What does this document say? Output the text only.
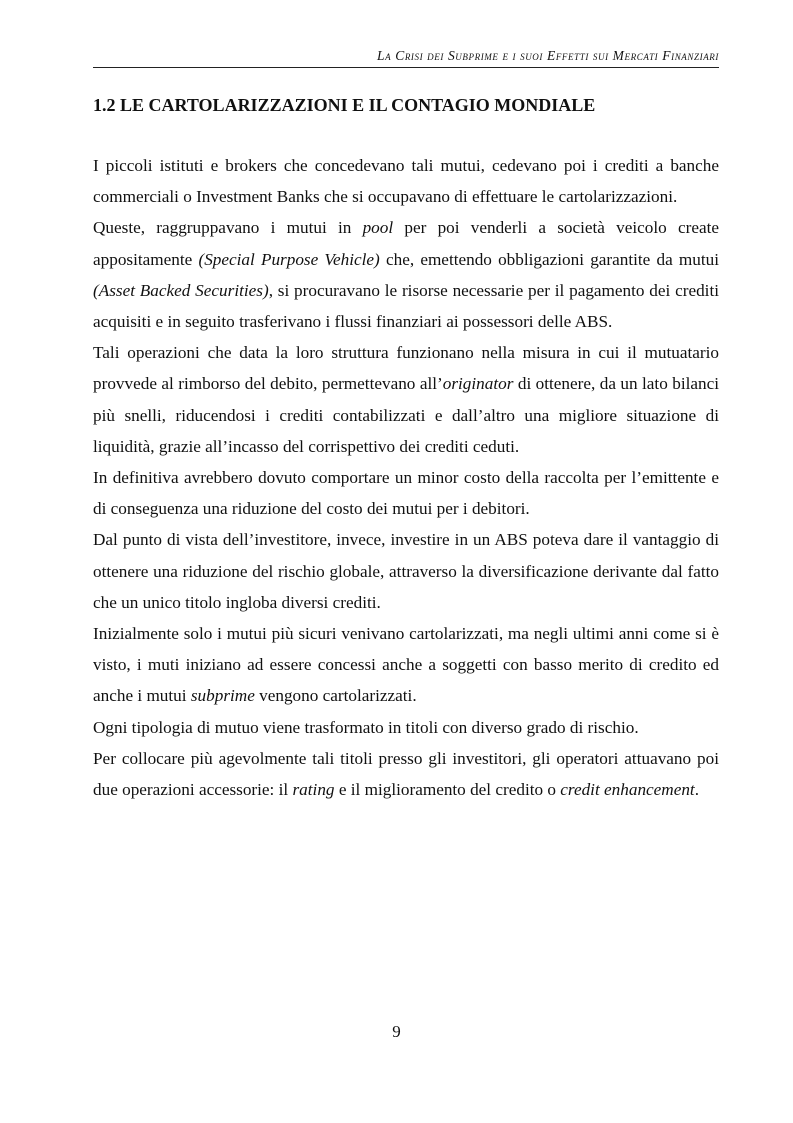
La Crisi dei Subprime e i suoi Effetti sui Mercati Finanziari
1.2 LE CARTOLARIZZAZIONI E IL CONTAGIO MONDIALE

I piccoli istituti e brokers che concedevano tali mutui, cedevano poi i crediti a banche commerciali o Investment Banks che si occupavano di effettuare le cartolarizzazioni.

Queste, raggruppavano i mutui in pool per poi venderli a società veicolo create appositamente (Special Purpose Vehicle) che, emettendo obbligazioni garantite da mutui (Asset Backed Securities), si procuravano le risorse necessarie per il pagamento dei crediti acquisiti e in seguito trasferivano i flussi finanziari ai possessori delle ABS.

Tali operazioni che data la loro struttura funzionano nella misura in cui il mutuatario provvede al rimborso del debito, permettevano all’originator di ottenere, da un lato bilanci più snelli, riducendosi i crediti contabilizzati e dall’altro una migliore situazione di liquidità, grazie all’incasso del corrispettivo dei crediti ceduti.

In definitiva avrebbero dovuto comportare un minor costo della raccolta per l’emittente e di conseguenza una riduzione del costo dei mutui per i debitori.

Dal punto di vista dell’investitore, invece, investire in un ABS poteva dare il vantaggio di ottenere una riduzione del rischio globale, attraverso la diversificazione derivante dal fatto che un unico titolo ingloba diversi crediti.

Inizialmente solo i mutui più sicuri venivano cartolarizzati, ma negli ultimi anni come si è visto, i muti iniziano ad essere concessi anche a soggetti con basso merito di credito ed anche i mutui subprime vengono cartolarizzati.

Ogni tipologia di mutuo viene trasformato in titoli con diverso grado di rischio.

Per collocare più agevolmente tali titoli presso gli investitori, gli operatori attuavano poi due operazioni accessorie: il rating e il miglioramento del credito o credit enhancement.

9
